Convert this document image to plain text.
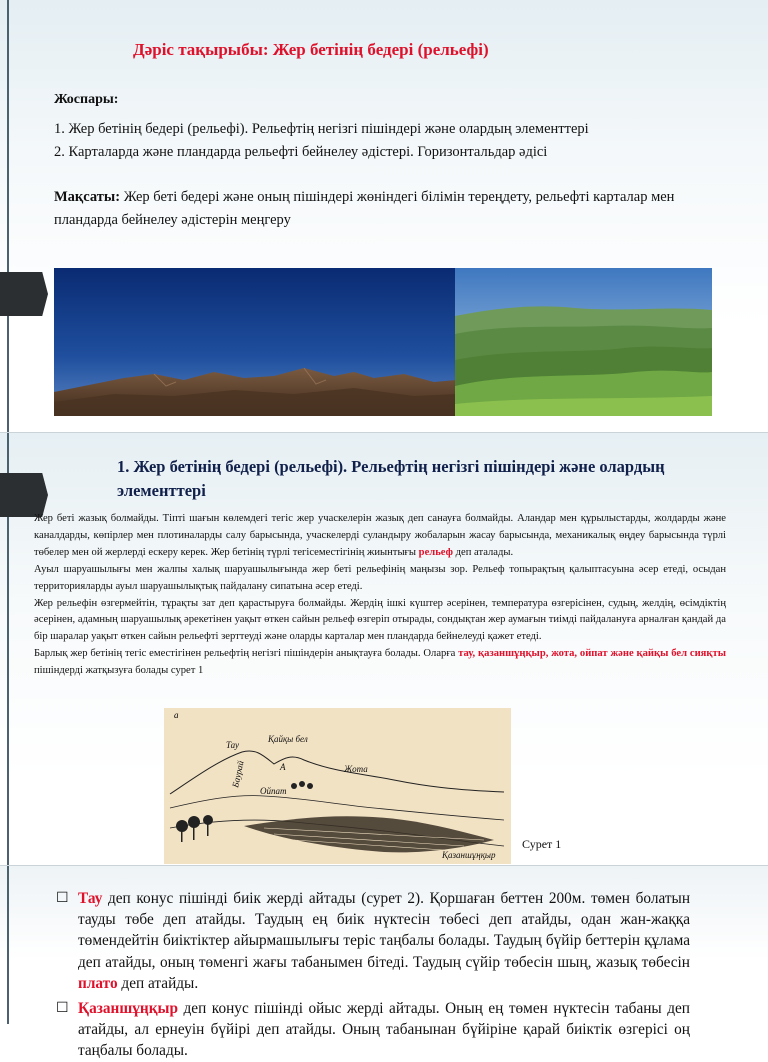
Дәріс тақырыбы: Жер бетінің бедері (рельефі)
Жоспары:
1. Жер бетінің бедері (рельефі). Рельефтің негізгі пішіндері және олардың элементтері
2. Карталарда және пландарда рельефті бейнелеу әдістері. Горизонтальдар әдісі
Мақсаты: Жер беті бедері және оның пішіндері жөніндегі білімін тереңдету, рельефті карталар мен пландарда бейнелеу әдістерін меңгеру
1. Жер бетінің бедері (рельефі). Рельефтің негізгі пішіндері және олардың элементтері

Жер беті жазық болмайды. Тіпті шағын көлемдегі тегіс жер учаскелерін жазық деп санауға болмайды. Аландар мен құрылыстарды, жолдарды және каналдарды, көпірлер мен плотиналарды салу барысында, учаскелерді суландыру жобаларын жасау барысында, механикалық өңдеу барысында түрлі төбелер мен ой жерлерді ескеру керек. Жер бетінің түрлі тегісеместігінің жиынтығы рельеф деп аталады.

Ауыл шаруашылығы мен жалпы халық шаруашылығында жер беті рельефінің маңызы зор. Рельеф топырақтың қалыптасуына әсер етеді, осыдан территорияларды ауыл шаруашылықтық пайдалану сипатына әсер етеді.

Жер рельефін өзгермейтін, тұрақты зат деп қарастыруға болмайды. Жердің ішкі күштер әсерінен, температура өзгерісінен, судың, желдің, өсімдіктің әсерінен, адамның шаруашылық әрекетінен уақыт өткен сайын рельеф өзгеріп отырады, сондықтан жер аумағын тиімді пайдалануға арналған қандай да бір шаралар уақыт өткен сайын рельефті зерттеуді және оларды карталар мен пландарда бейнелеуді қажет етеді.

Барлық жер бетінің тегіс еместігінен рельефтің негізгі пішіндерін анықтауға болады. Оларға тау, қазаншұңқыр, жота, ойпат және қайқы бел сияқты пішіндерді жатқызуға болады сурет 1

a
Тау
Қайқы бел
А	Жота
Ойпат
Қазаншұңқыр
Баурай
Сурет 1
☐ Тау деп конус пішінді биік жерді айтады (сурет 2). Қоршаған беттен 200м. төмен болатын тауды төбе деп атайды. Таудың ең биік нүктесін төбесі деп атайды, одан жан-жаққа төмендейтін биіктіктер айырмашылығы теріс таңбалы болады. Таудың бүйір беттерін құлама деп атайды, оның төменгі жағы табанымен бітеді. Таудың сүйір төбесін шың, жазық төбесін плато деп атайды.
☐ Қазаншұңқыр деп конус пішінді ойыс жерді айтады. Оның ең төмен нүктесін табаны деп атайды, ал ернеуін бүйірі деп атайды. Оның табанынан бүйіріне қарай биіктік өзгерісі оң таңбалы болады.
